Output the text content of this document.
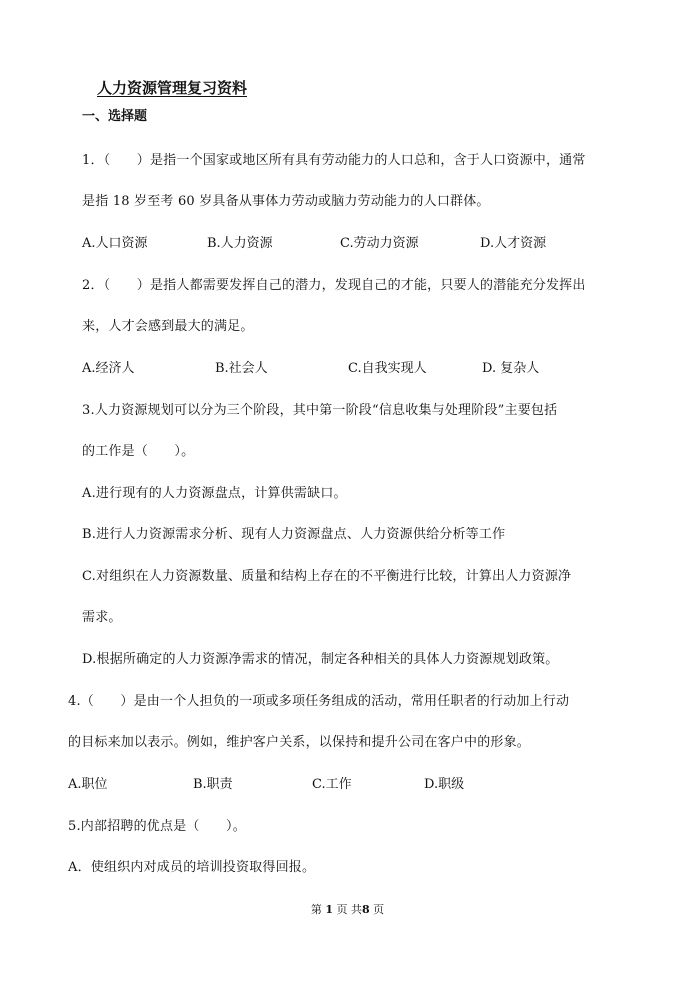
人力资源管理复习资料
一、选择题
1．（　　）是指一个国家或地区所有具有劳动能力的人口总和，含于人口资源中，通常
是指 18 岁至考 60 岁具备从事体力劳动或脑力劳动能力的人口群体。
A.人口资源	B.人力资源	C.劳动力资源	D.人才资源
2．（　　）是指人都需要发挥自己的潜力，发现自己的才能，只要人的潜能充分发挥出
来，人才会感到最大的满足。
A.经济人	B.社会人	C.自我实现人	D. 复杂人
3.人力资源规划可以分为三个阶段，其中第一阶段“信息收集与处理阶段”主要包括
的工作是（　　）。
A.进行现有的人力资源盘点，计算供需缺口。
B.进行人力资源需求分析、现有人力资源盘点、人力资源供给分析等工作
C.对组织在人力资源数量、质量和结构上存在的不平衡进行比较，计算出人力资源净
需求。
D.根据所确定的人力资源净需求的情况，制定各种相关的具体人力资源规划政策。
4.（　　）是由一个人担负的一项或多项任务组成的活动，常用任职者的行动加上行动
的目标来加以表示。例如，维护客户关系，以保持和提升公司在客户中的形象。
A.职位	B.职责	C.工作	D.职级
5.内部招聘的优点是（　　）。
A．使组织内对成员的培训投资取得回报。
第 1 页 共8 页
